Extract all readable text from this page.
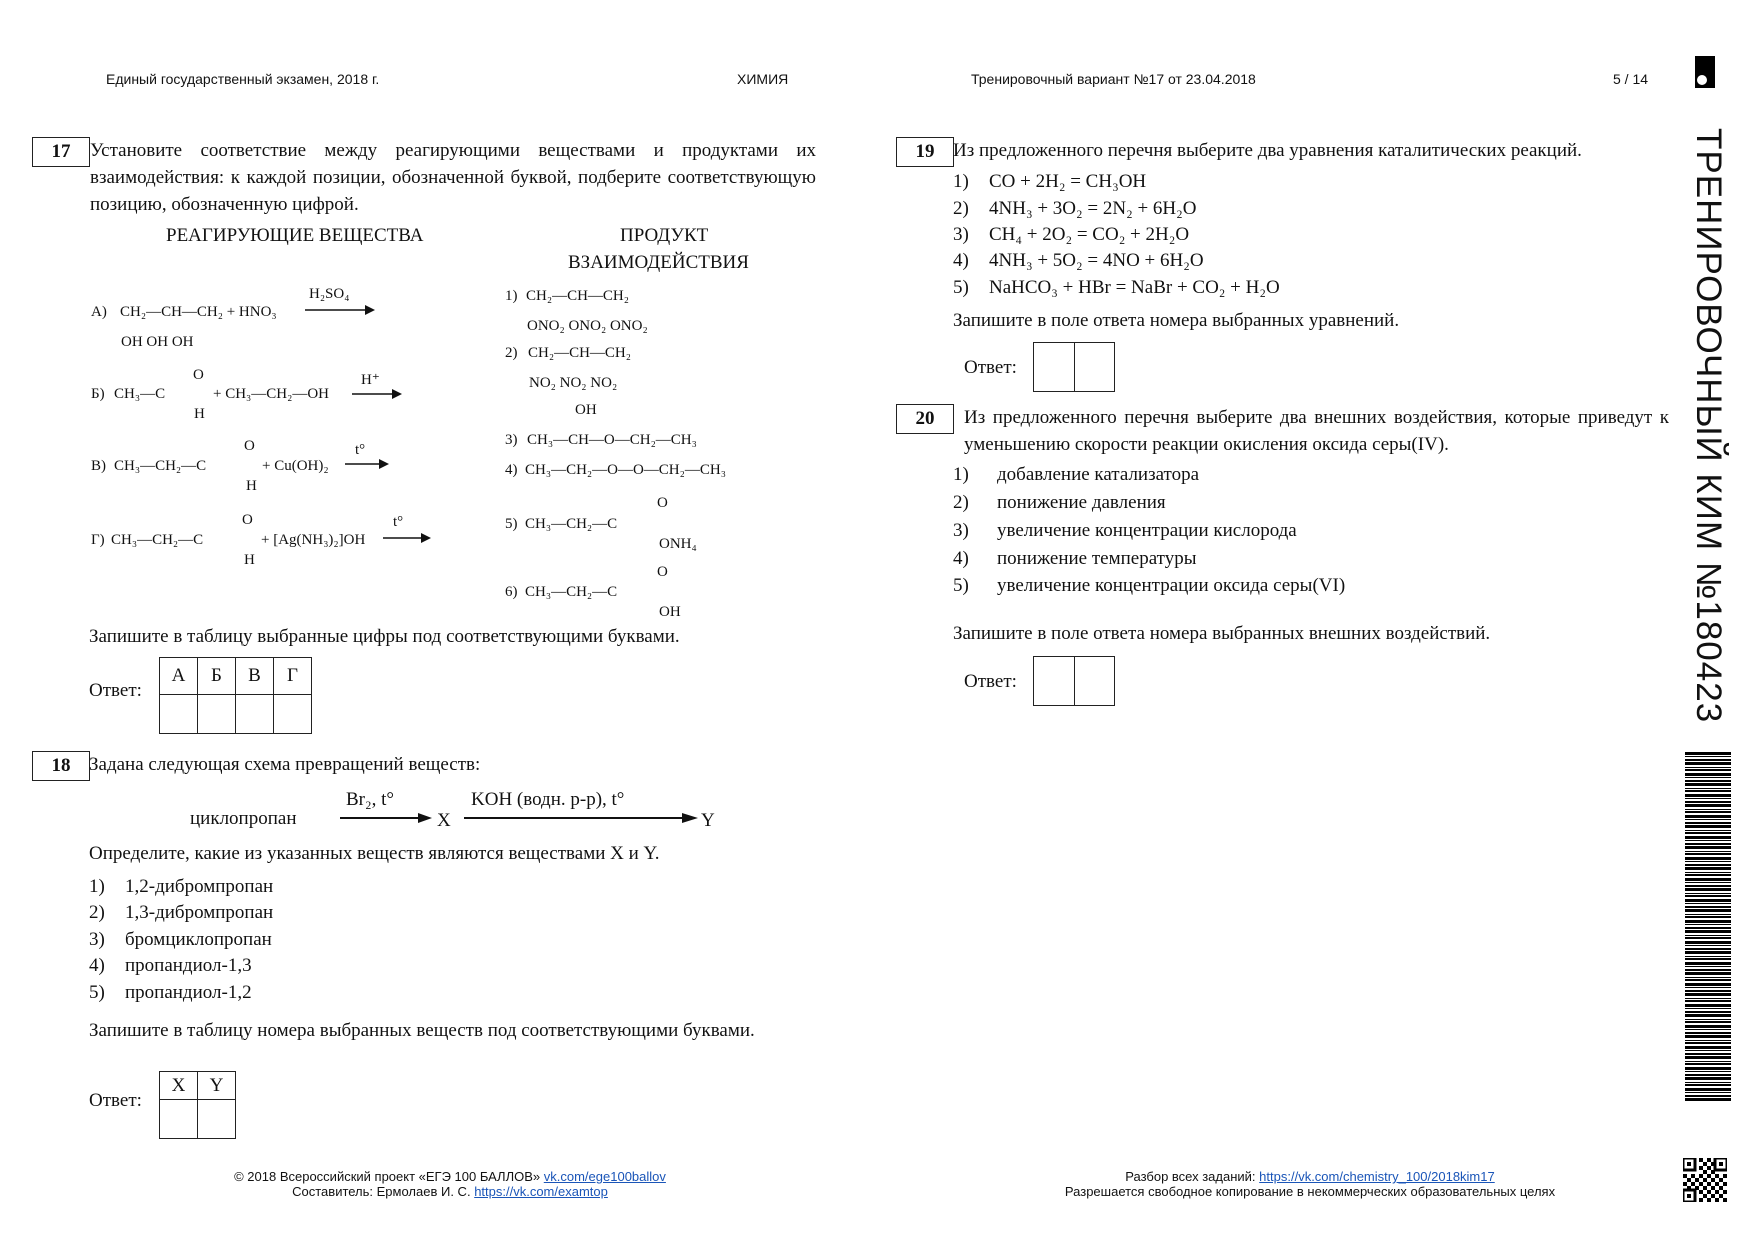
Единый государственный экзамен, 2018 г.	ХИМИЯ	Тренировочный вариант №17 от 23.04.2018	5 / 14
ТРЕНИРОВОЧНЫЙ КИМ №180423
17	Установите соответствие между реагирующими веществами и продуктами их взаимодействия: к каждой позиции, обозначенной буквой, подберите соответствующую позицию, обозначенную цифрой.
РЕАГИРУЮЩИЕ ВЕЩЕСТВА	ПРОДУКТ
ВЗАИМОДЕЙСТВИЯ
А) CH₂—CH—CH₂ + HNO₃
OH OH OH
H₂SO₄
Б) CH₃—C
O
H
+ CH₃—CH₂—OH
H⁺
В) CH₃—CH₂—C
O
H
+ Cu(OH)₂
t°
Г) CH₃—CH₂—C
O
H
+ [Ag(NH₃)₂]OH
t°
1) CH₂—CH—CH₂
ONO₂ ONO₂ ONO₂
2) CH₂—CH—CH₂
NO₂ NO₂ NO₂
OH
3) CH₃—CH—O—CH₂—CH₃
4) CH₃—CH₂—O—O—CH₂—CH₃
5) CH₃—CH₂—C
O
ONH₄
6) CH₃—CH₂—C
O
OH
Запишите в таблицу выбранные цифры под соответствующими буквами.
Ответ:
А	Б	В	Г

18 Задана следующая схема превращений веществ:
циклопропан
Br₂, t°
X
KOH (водн. р-р), t°
Y
Определите, какие из указанных веществ являются веществами X и Y.
1) 1,2-дибромпропан
2) 1,3-дибромпропан
3) бромциклопропан
4) пропандиол-1,3
5) пропандиол-1,2
Запишите в таблицу номера выбранных веществ под соответствующими буквами.
Ответ:
X	Y

19 Из предложенного перечня выберите два уравнения каталитических реакций.
1) CO + 2H₂ = CH₃OH
2) 4NH₃ + 3O₂ = 2N₂ + 6H₂O
3) CH₄ + 2O₂ = CO₂ + 2H₂O
4) 4NH₃ + 5O₂ = 4NO + 6H₂O
5) NaHCO₃ + HBr = NaBr + CO₂ + H₂O
Запишите в поле ответа номера выбранных уравнений.
Ответ:
20	Из предложенного перечня выберите два внешних воздействия, которые приведут к уменьшению скорости реакции окисления оксида серы(IV).
1) добавление катализатора
2) понижение давления
3) увеличение концентрации кислорода
4) понижение температуры
5) увеличение концентрации оксида серы(VI)
Запишите в поле ответа номера выбранных внешних воздействий.
Ответ:
© 2018 Всероссийский проект «ЕГЭ 100 БАЛЛОВ» vk.com/ege100ballov
Составитель: Ермолаев И. С. https://vk.com/examtop
Разбор всех заданий: https://vk.com/chemistry_100/2018kim17
Разрешается свободное копирование в некоммерческих образовательных целях
